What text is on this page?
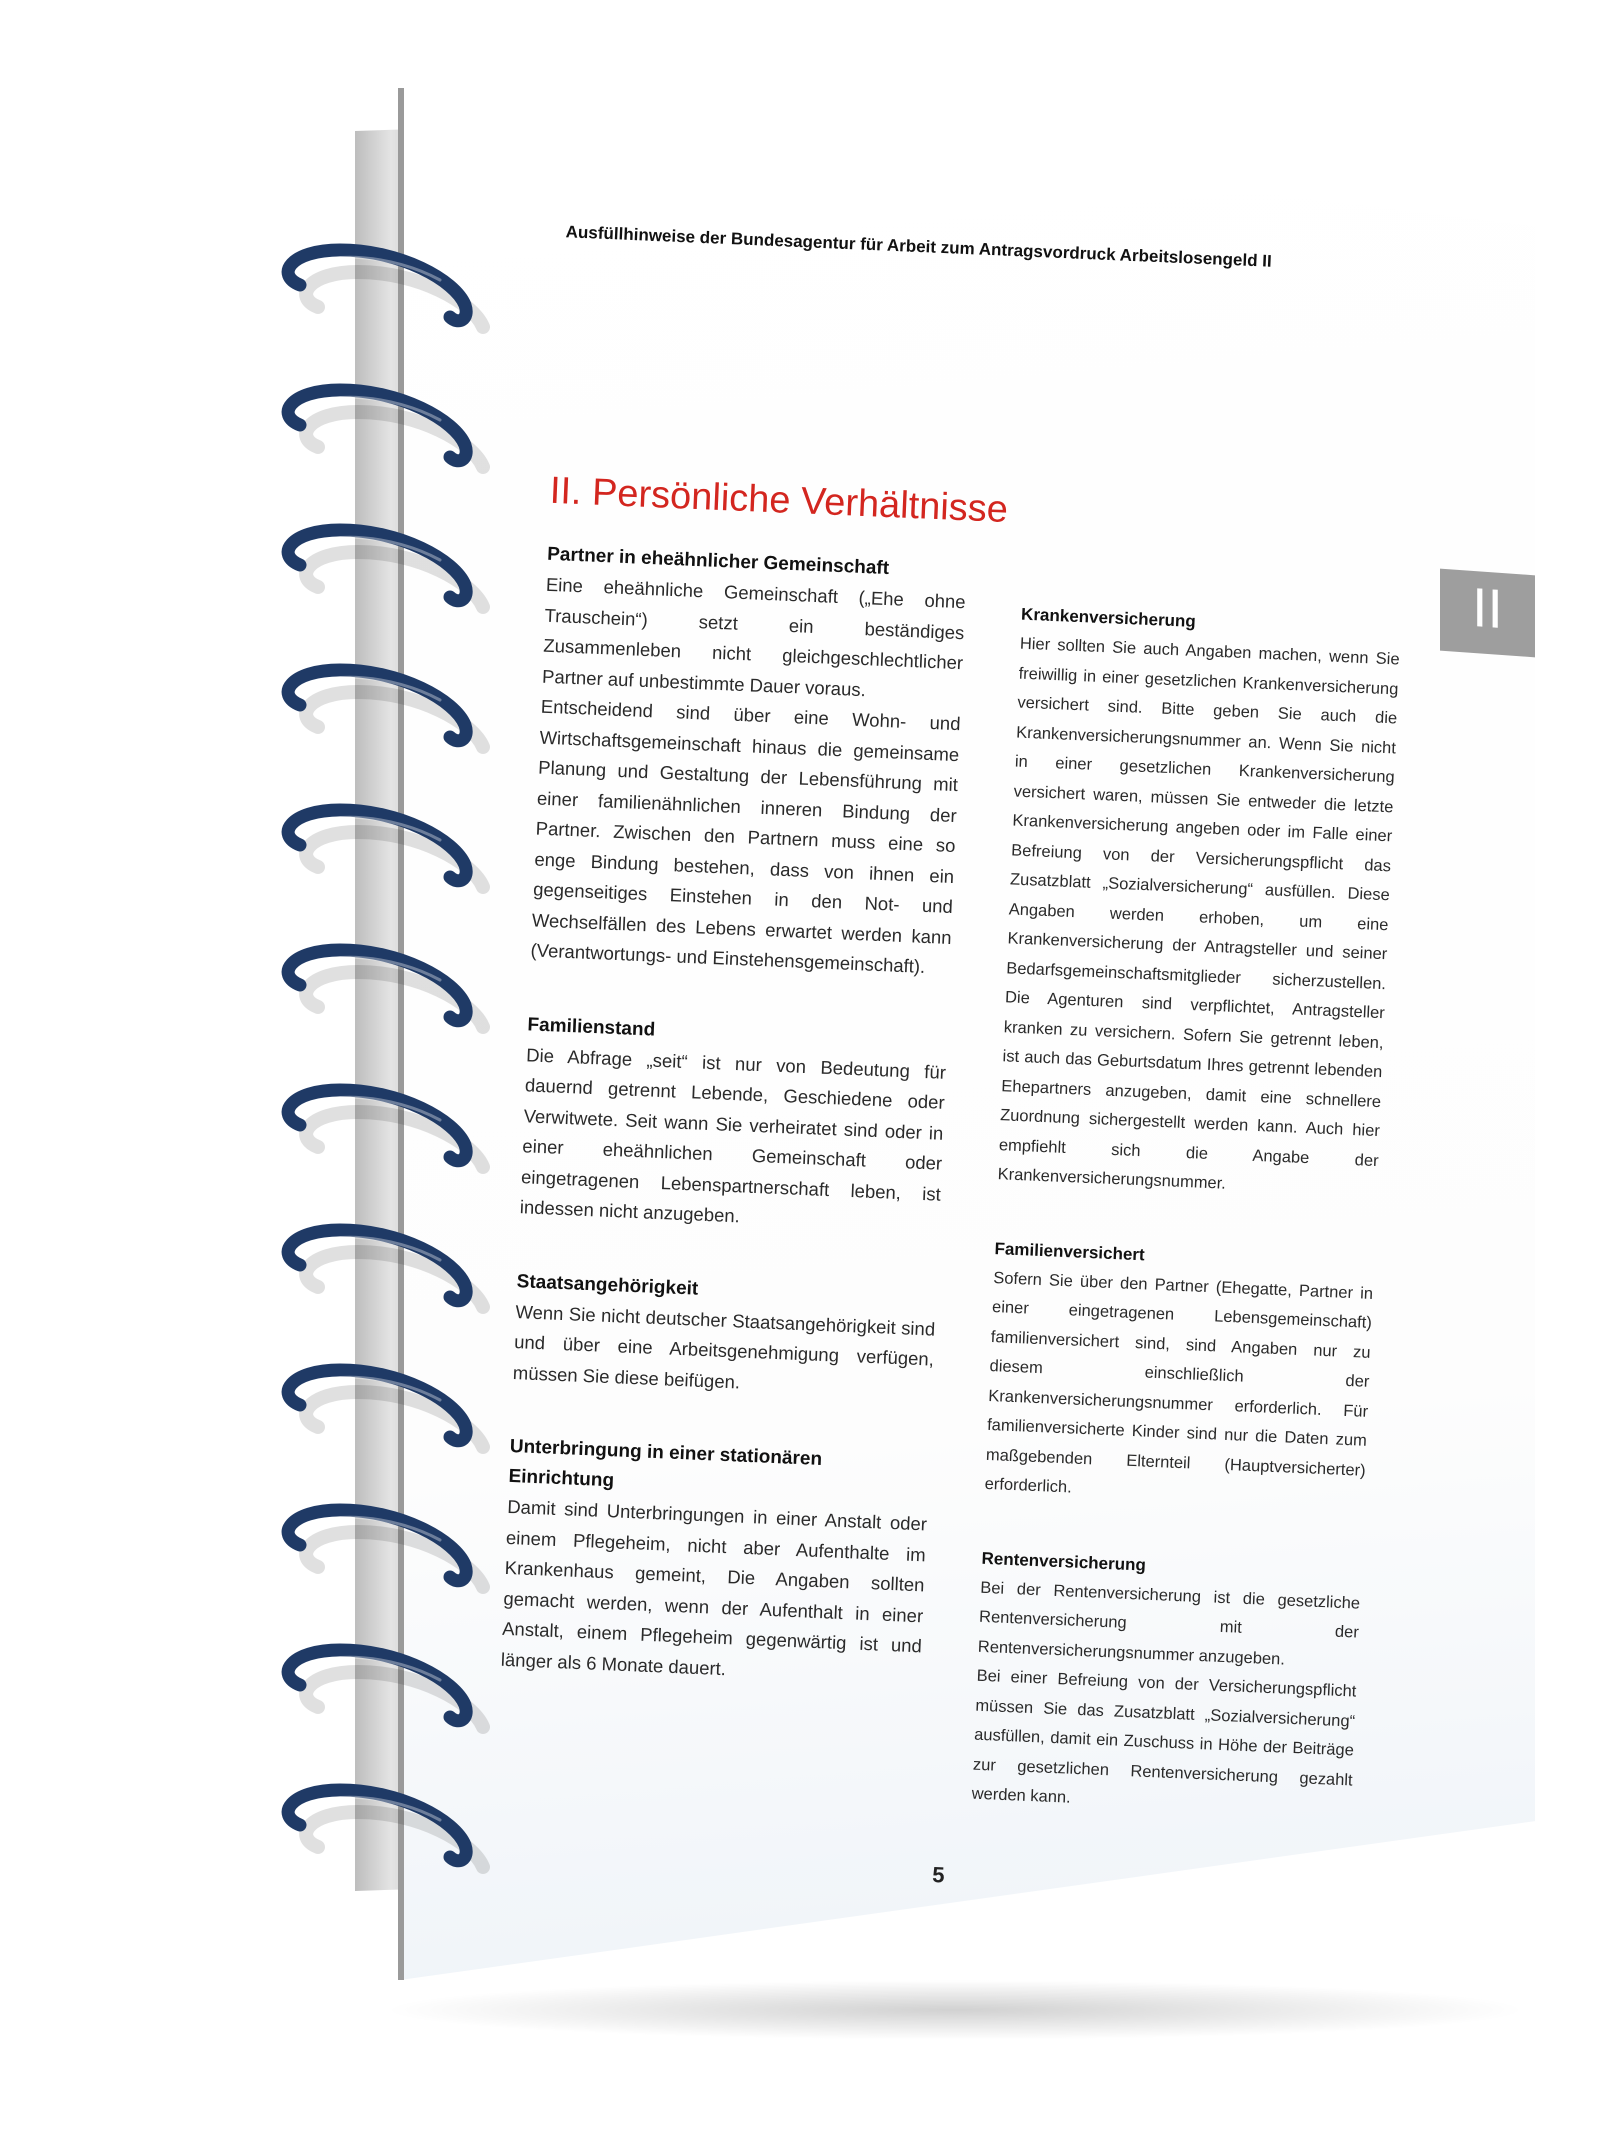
Ausfüllhinweise der Bundesagentur für Arbeit zum Antragsvordruck Arbeitslosengeld II
II. Persönliche Verhältnisse
Partner in eheähnlicher Gemeinschaft

Eine eheähnliche Gemeinschaft („Ehe ohne Trauschein“) setzt ein beständiges Zusammenleben nicht gleichgeschlechtlicher Partner auf unbestimmte Dauer voraus.

Entscheidend sind über eine Wohn- und Wirtschaftsgemeinschaft hinaus die gemeinsame Planung und Gestaltung der Lebensführung mit einer familienähnlichen inneren Bindung der Partner. Zwischen den Partnern muss eine so enge Bindung bestehen, dass von ihnen ein gegenseitiges Einstehen in den Not- und Wechselfällen des Lebens erwartet werden kann (Verantwortungs- und Einstehensgemeinschaft).

Familienstand

Die Abfrage „seit“ ist nur von Bedeutung für dauernd getrennt Lebende, Geschiedene oder Verwitwete. Seit wann Sie verheiratet sind oder in einer eheähnlichen Gemeinschaft oder eingetragenen Lebenspartnerschaft leben, ist indessen nicht anzugeben.

Staatsangehörigkeit

Wenn Sie nicht deutscher Staatsangehörigkeit sind und über eine Arbeitsgenehmigung verfügen, müssen Sie diese beifügen.

Unterbringung in einer stationären Einrichtung

Damit sind Unterbringungen in einer Anstalt oder einem Pflegeheim, nicht aber Aufenthalte im Krankenhaus gemeint, Die Angaben sollten gemacht werden, wenn der Aufenthalt in einer Anstalt, einem Pflegeheim gegenwärtig ist und länger als 6 Monate dauert.

Krankenversicherung

Hier sollten Sie auch Angaben machen, wenn Sie freiwillig in einer gesetzlichen Krankenversicherung versichert sind. Bitte geben Sie auch die Krankenversicherungsnummer an. Wenn Sie nicht in einer gesetzlichen Krankenversicherung versichert waren, müssen Sie entweder die letzte Krankenversicherung angeben oder im Falle einer Befreiung von der Versicherungspflicht das Zusatzblatt „Sozialversicherung“ ausfüllen. Diese Angaben werden erhoben, um eine Krankenversicherung der Antragsteller und seiner Bedarfsgemeinschaftsmitglieder sicherzustellen. Die Agenturen sind verpflichtet, Antragsteller kranken zu versichern. Sofern Sie getrennt leben, ist auch das Geburtsdatum Ihres getrennt lebenden Ehepartners anzugeben, damit eine schnellere Zuordnung sichergestellt werden kann. Auch hier empfiehlt sich die Angabe der Krankenversicherungsnummer.

Familienversichert

Sofern Sie über den Partner (Ehegatte, Partner in einer eingetragenen Lebensgemeinschaft) familienversichert sind, sind Angaben nur zu diesem einschließlich der Krankenversicherungsnummer erforderlich. Für familienversicherte Kinder sind nur die Daten zum maßgebenden Elternteil (Hauptversicherter) erforderlich.

Rentenversicherung

Bei der Rentenversicherung ist die gesetzliche Rentenversicherung mit der Rentenversicherungsnummer anzugeben.

Bei einer Befreiung von der Versicherungspflicht müssen Sie das Zusatzblatt „Sozialversicherung“ ausfüllen, damit ein Zuschuss in Höhe der Beiträge zur gesetzlichen Rentenversicherung gezahlt werden kann.

5
II
